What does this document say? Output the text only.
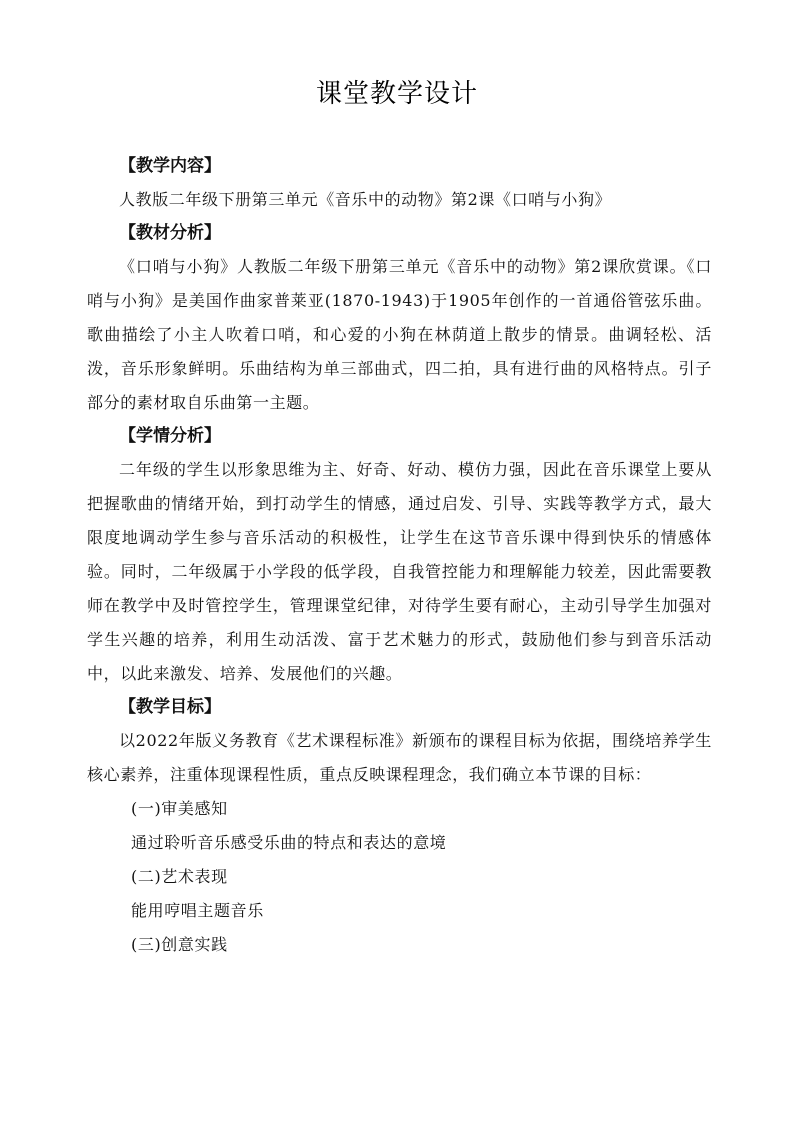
课堂教学设计

【教学内容】

人教版二年级下册第三单元《音乐中的动物》第2课《口哨与小狗》

【教材分析】

《口哨与小狗》人教版二年级下册第三单元《音乐中的动物》第2课欣赏课。《口哨与小狗》是美国作曲家普莱亚(1870-1943)于1905年创作的一首通俗管弦乐曲。歌曲描绘了小主人吹着口哨，和心爱的小狗在林荫道上散步的情景。曲调轻松、活泼，音乐形象鲜明。乐曲结构为单三部曲式，四二拍，具有进行曲的风格特点。引子部分的素材取自乐曲第一主题。

【学情分析】

二年级的学生以形象思维为主、好奇、好动、模仿力强，因此在音乐课堂上要从把握歌曲的情绪开始，到打动学生的情感，通过启发、引导、实践等教学方式，最大限度地调动学生参与音乐活动的积极性，让学生在这节音乐课中得到快乐的情感体验。同时，二年级属于小学段的低学段，自我管控能力和理解能力较差，因此需要教师在教学中及时管控学生，管理课堂纪律，对待学生要有耐心，主动引导学生加强对学生兴趣的培养，利用生动活泼、富于艺术魅力的形式，鼓励他们参与到音乐活动中，以此来激发、培养、发展他们的兴趣。

【教学目标】

以2022年版义务教育《艺术课程标准》新颁布的课程目标为依据，围绕培养学生核心素养，注重体现课程性质，重点反映课程理念，我们确立本节课的目标：

(一)审美感知

通过聆听音乐感受乐曲的特点和表达的意境

(二)艺术表现

能用哼唱主题音乐

(三)创意实践
